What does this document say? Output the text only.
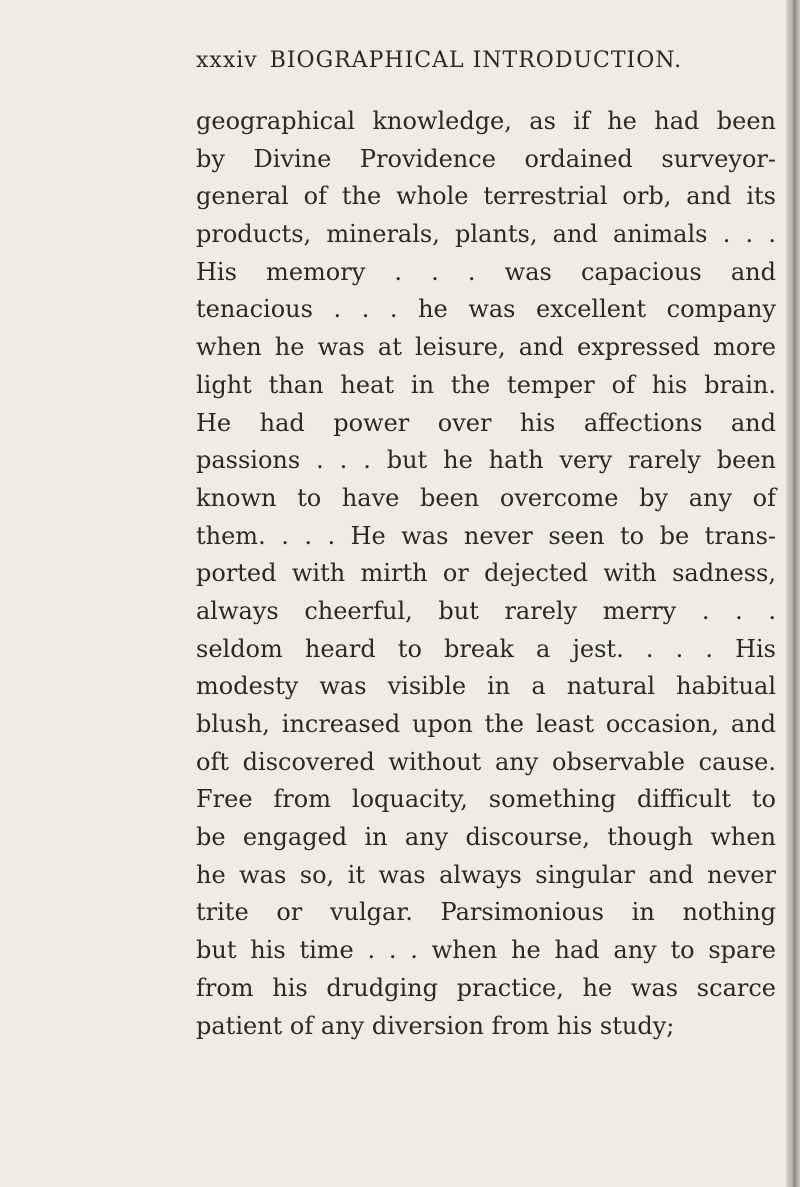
xxxiv BIOGRAPHICAL INTRODUCTION.
geographical knowledge, as if he had been
by Divine Providence ordained surveyor-
general of the whole terrestrial orb, and its
products, minerals, plants, and animals . . .
His memory . . . was capacious and
tenacious . . . he was excellent company
when he was at leisure, and expressed more
light than heat in the temper of his brain.
He had power over his affections and
passions . . . but he hath very rarely been
known to have been overcome by any of
them. . . . He was never seen to be trans-
ported with mirth or dejected with sadness,
always cheerful, but rarely merry . . .
seldom heard to break a jest. . . . His
modesty was visible in a natural habitual
blush, increased upon the least occasion, and
oft discovered without any observable cause.
Free from loquacity, something difficult to
be engaged in any discourse, though when
he was so, it was always singular and never
trite or vulgar. Parsimonious in nothing
but his time . . . when he had any to spare
from his drudging practice, he was scarce
patient of any diversion from his study;
